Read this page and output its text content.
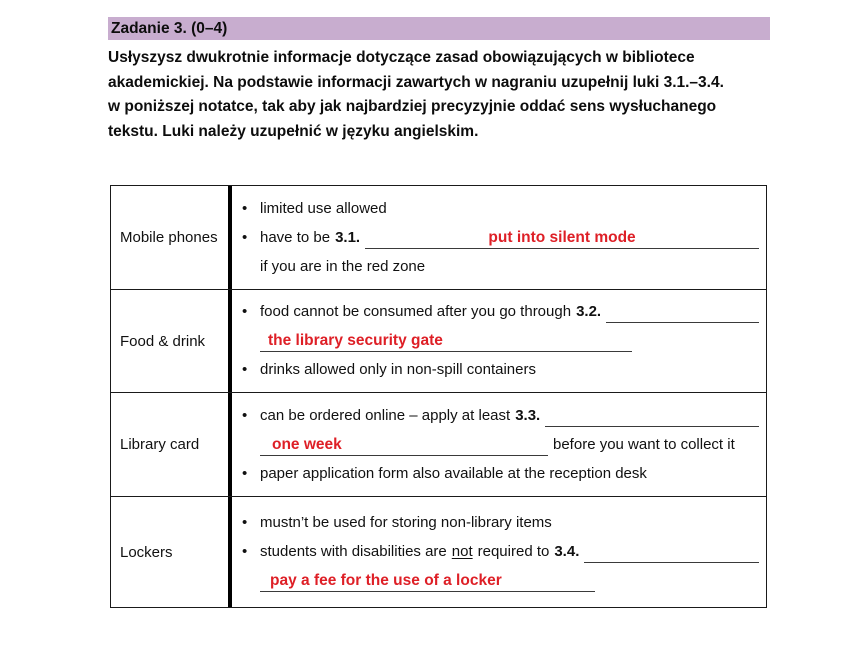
Zadanie 3. (0–4)
Usłyszysz dwukrotnie informacje dotyczące zasad obowiązujących w bibliotece
akademickiej. Na podstawie informacji zawartych w nagraniu uzupełnij luki 3.1.–3.4.
w poniższej notatce, tak aby jak najbardziej precyzyjnie oddać sens wysłuchanego
tekstu. Luki należy uzupełnić w języku angielskim.
Mobile phones
• limited use allowed
• have to be 3.1.	put into silent mode
if you are in the red zone
Food & drink
• food cannot be consumed after you go through 3.2.
the library security gate
• drinks allowed only in non-spill containers
Library card
• can be ordered online – apply at least 3.3.
one week	before you want to collect it
• paper application form also available at the reception desk
Lockers
• mustn’t be used for storing non-library items
• students with disabilities are not required to 3.4.
pay a fee for the use of a locker
